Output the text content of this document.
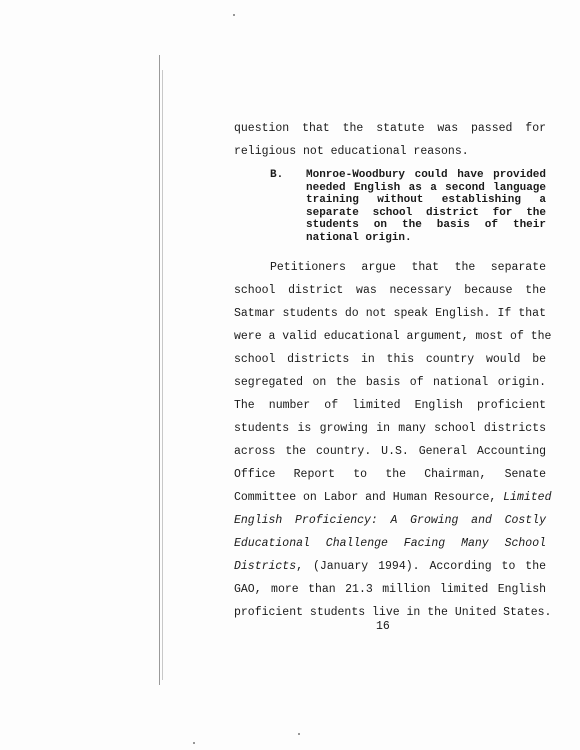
question that the statute was passed for
religious not educational reasons.

B. Monroe-Woodbury could have provided
needed English as a second language
training without establishing a
separate school district for the
students on the basis of their
national origin.

Petitioners argue that the separate
school district was necessary because the
Satmar students do not speak English. If that
were a valid educational argument, most of the
school districts in this country would be
segregated on the basis of national origin.
The number of limited English proficient
students is growing in many school districts
across the country. U.S. General Accounting
Office Report to the Chairman, Senate
Committee on Labor and Human Resource, Limited
English Proficiency: A Growing and Costly
Educational Challenge Facing Many School
Districts, (January 1994). According to the
GAO, more than 21.3 million limited English
proficient students live in the United States.

16
